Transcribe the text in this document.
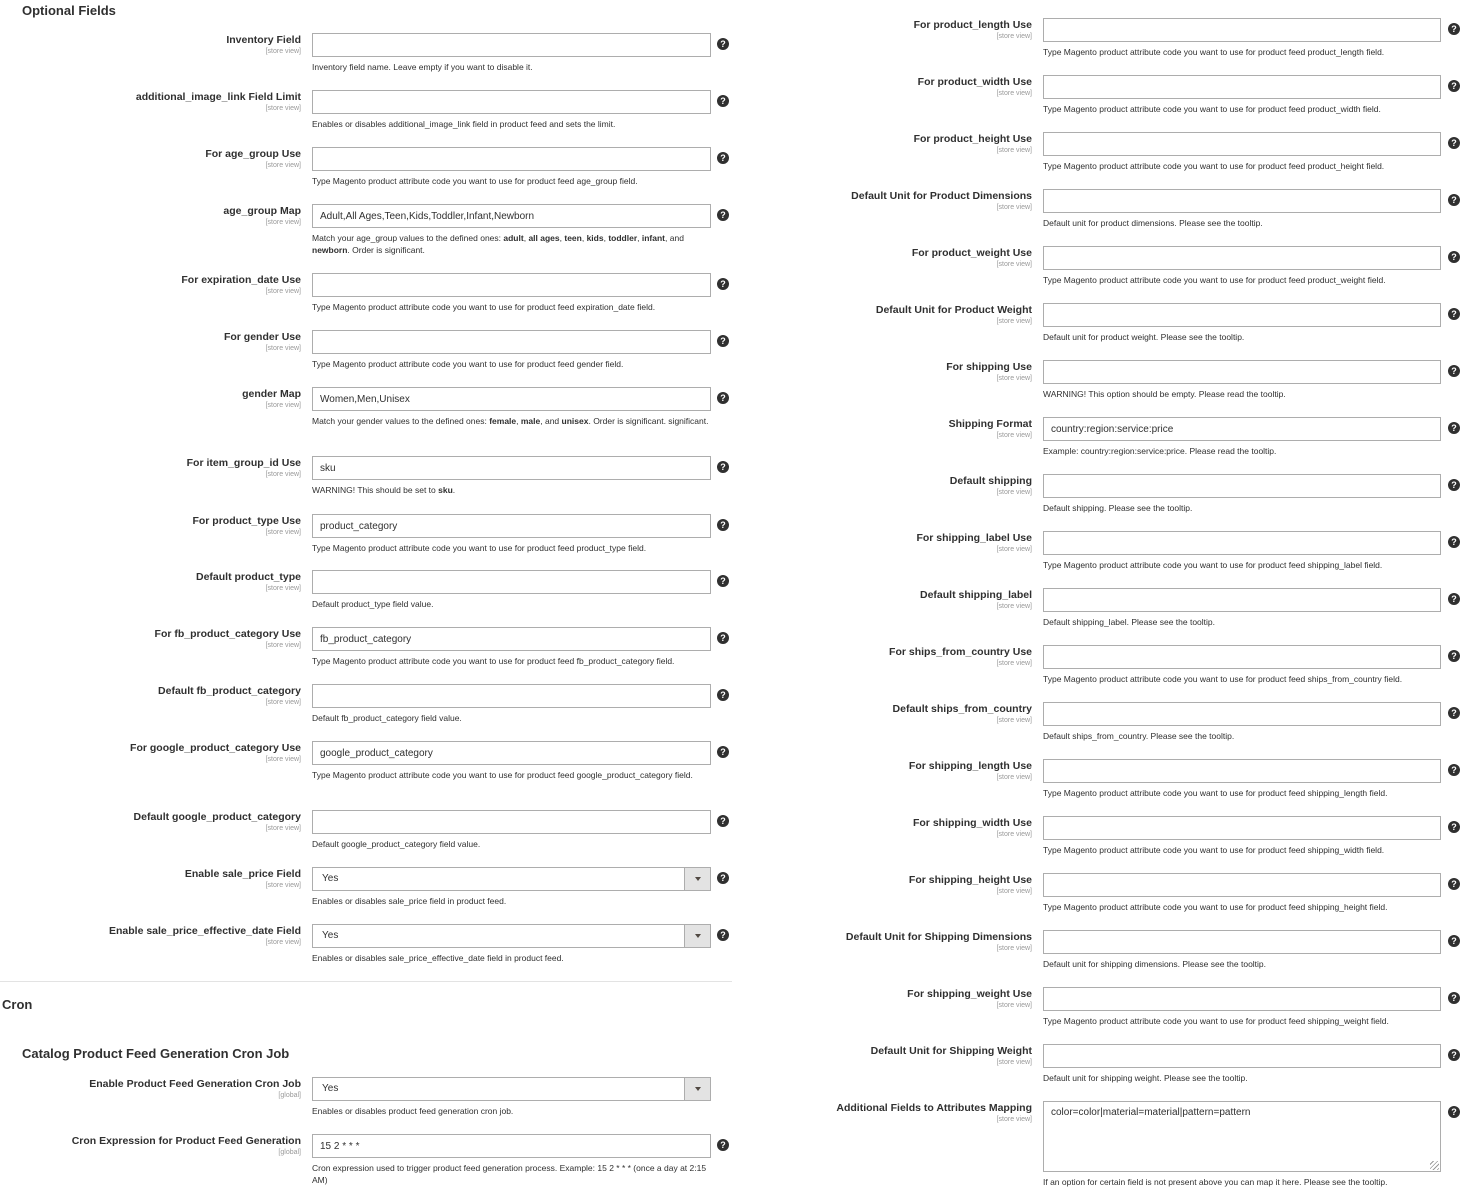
Optional Fields
Inventory Field
[store view]
?
Inventory field name. Leave empty if you want to disable it.
additional_image_link Field Limit
[store view]
?
Enables or disables additional_image_link field in product feed and sets the limit.
For age_group Use
[store view]
?
Type Magento product attribute code you want to use for product feed age_group field.
age_group Map
[store view]
Adult,All Ages,Teen,Kids,Toddler,Infant,Newborn
?
Match your age_group values to the defined ones: adult, all ages, teen, kids, toddler, infant, and newborn. Order is significant.
For expiration_date Use
[store view]
?
Type Magento product attribute code you want to use for product feed expiration_date field.
For gender Use
[store view]
?
Type Magento product attribute code you want to use for product feed gender field.
gender Map
[store view]
Women,Men,Unisex
?
Match your gender values to the defined ones: female, male, and unisex. Order is significant. significant.
For item_group_id Use
[store view]
sku
?
WARNING! This should be set to sku.
For product_type Use
[store view]
product_category
?
Type Magento product attribute code you want to use for product feed product_type field.
Default product_type
[store view]
?
Default product_type field value.
For fb_product_category Use
[store view]
fb_product_category
?
Type Magento product attribute code you want to use for product feed fb_product_category field.
Default fb_product_category
[store view]
?
Default fb_product_category field value.
For google_product_category Use
[store view]
google_product_category
?
Type Magento product attribute code you want to use for product feed google_product_category field.
Default google_product_category
[store view]
?
Default google_product_category field value.
Enable sale_price Field
[store view]
Yes	?
Enables or disables sale_price field in product feed.
Enable sale_price_effective_date Field
[store view]
Yes	?
Enables or disables sale_price_effective_date field in product feed.
Cron
Catalog Product Feed Generation Cron Job
Enable Product Feed Generation Cron Job
[global]
Yes
Enables or disables product feed generation cron job.
Cron Expression for Product Feed Generation
[global]
15 2 * * *
?
Cron expression used to trigger product feed generation process. Example: 15 2 * * * (once a day at 2:15 AM)
For product_length Use
[store view]
?
Type Magento product attribute code you want to use for product feed product_length field.
For product_width Use
[store view]
?
Type Magento product attribute code you want to use for product feed product_width field.
For product_height Use
[store view]
?
Type Magento product attribute code you want to use for product feed product_height field.
Default Unit for Product Dimensions
[store view]
?
Default unit for product dimensions. Please see the tooltip.
For product_weight Use
[store view]
?
Type Magento product attribute code you want to use for product feed product_weight field.
Default Unit for Product Weight
[store view]
?
Default unit for product weight. Please see the tooltip.
For shipping Use
[store view]
?
WARNING! This option should be empty. Please read the tooltip.
Shipping Format
[store view]
country:region:service:price
?
Example: country:region:service:price. Please read the tooltip.
Default shipping
[store view]
?
Default shipping. Please see the tooltip.
For shipping_label Use
[store view]
?
Type Magento product attribute code you want to use for product feed shipping_label field.
Default shipping_label
[store view]
?
Default shipping_label. Please see the tooltip.
For ships_from_country Use
[store view]
?
Type Magento product attribute code you want to use for product feed ships_from_country field.
Default ships_from_country
[store view]
?
Default ships_from_country. Please see the tooltip.
For shipping_length Use
[store view]
?
Type Magento product attribute code you want to use for product feed shipping_length field.
For shipping_width Use
[store view]
?
Type Magento product attribute code you want to use for product feed shipping_width field.
For shipping_height Use
[store view]
?
Type Magento product attribute code you want to use for product feed shipping_height field.
Default Unit for Shipping Dimensions
[store view]
?
Default unit for shipping dimensions. Please see the tooltip.
For shipping_weight Use
[store view]
?
Type Magento product attribute code you want to use for product feed shipping_weight field.
Default Unit for Shipping Weight
[store view]
?
Default unit for shipping weight. Please see the tooltip.
Additional Fields to Attributes Mapping
[store view]
color=color|material=material|pattern=pattern
?
If an option for certain field is not present above you can map it here. Please see the tooltip.
